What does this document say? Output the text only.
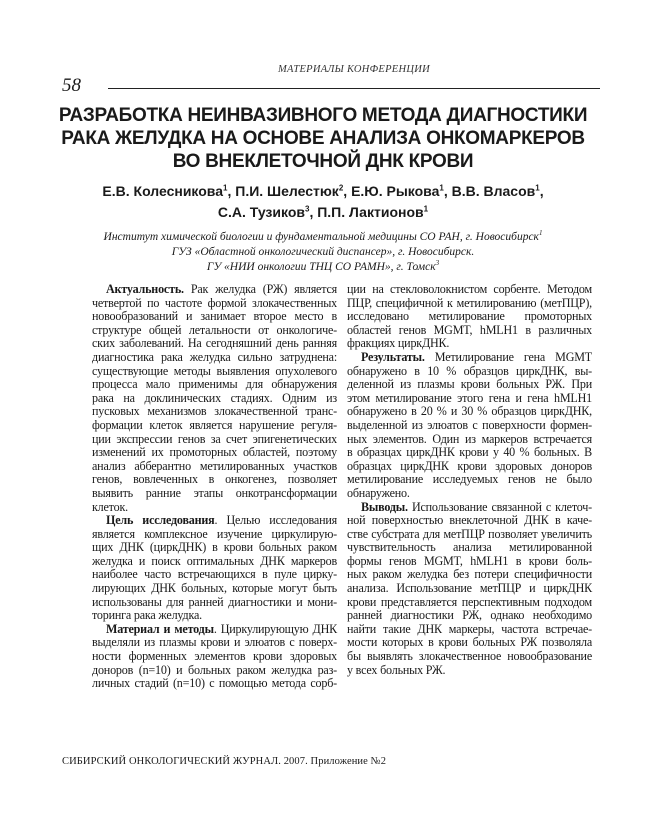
МАТЕРИАЛЫ КОНФЕРЕНЦИИ
58
РАЗРАБОТКА НЕИНВАЗИВНОГО МЕТОДА ДИАГНОСТИКИ
РАКА ЖЕЛУДКА НА ОСНОВЕ АНАЛИЗА ОНКОМАРКЕРОВ
ВО ВНЕКЛЕТОЧНОЙ ДНК КРОВИ
Е.В. Колесникова$^1$, П.И. Шелестюк$^2$, Е.Ю. Рыкова$^1$, В.В. Власов$^1$,
С.А. Тузиков$^3$, П.П. Лактионов$^1$
Институт химической биологии и фундаментальной медицины СО РАН, г. Новосибирск$^1$
ГУЗ «Областной онкологический диспансер», г. Новосибирск.
ГУ «НИИ онкологии ТНЦ СО РАМН», г. Томск$^3$
Актуальность. Рак желудка (РЖ) является
четвертой по частоте формой злокачественных
новообразований и занимает второе место в
структуре общей летальности от онкологиче-
ских заболеваний. На сегодняшний день ранняя
диагностика рака желудка сильно затруднена:
существующие методы выявления опухолевого
процесса мало применимы для обнаружения
рака на доклинических стадиях. Одним из
пусковых механизмов злокачественной транс-
формации клеток является нарушение регуля-
ции экспрессии генов за счет эпигенетических
изменений их промоторных областей, поэтому
анализ абберантно метилированных участков
генов, вовлеченных в онкогенез, позволяет
выявить ранние этапы онкотрансформации
клеток.
Цель исследования. Целью исследования
является комплексное изучение циркулирую-
щих ДНК (циркДНК) в крови больных раком
желудка и поиск оптимальных ДНК маркеров
наиболее часто встречающихся в пуле цирку-
лирующих ДНК больных, которые могут быть
использованы для ранней диагностики и мони-
торинга рака желудка.
Материал и методы. Циркулирующую ДНК
выделяли из плазмы крови и элюатов с поверх-
ности форменных элементов крови здоровых
доноров (n=10) и больных раком желудка раз-
личных стадий (n=10) с помощью метода сорб-
ции на стекловолокнистом сорбенте. Методом
ПЦР, специфичной к метилированию (метПЦР),
исследовано метилирование промоторных
областей генов MGMT, hMLH1 в различных
фракциях циркДНК.
Результаты. Метилирование гена MGMT
обнаружено в 10 % образцов циркДНК, вы-
деленной из плазмы крови больных РЖ. При
этом метилирование этого гена и гена hMLH1
обнаружено в 20 % и 30 % образцов циркДНК,
выделенной из элюатов с поверхности формен-
ных элементов. Один из маркеров встречается
в образцах циркДНК крови у 40 % больных. В
образцах циркДНК крови здоровых доноров
метилирование исследуемых генов не было
обнаружено.
Выводы. Использование связанной с клеточ-
ной поверхностью внеклеточной ДНК в каче-
стве субстрата для метПЦР позволяет увеличить
чувствительность анализа метилированной
формы генов MGMT, hMLH1 в крови боль-
ных раком желудка без потери специфичности
анализа. Использование метПЦР и циркДНК
крови представляется перспективным подходом
ранней диагностики РЖ, однако необходимо
найти такие ДНК маркеры, частота встречае-
мости которых в крови больных РЖ позволяла
бы выявлять злокачественное новообразование
у всех больных РЖ.
СИБИРСКИЙ ОНКОЛОГИЧЕСКИЙ ЖУРНАЛ. 2007. Приложение №2
